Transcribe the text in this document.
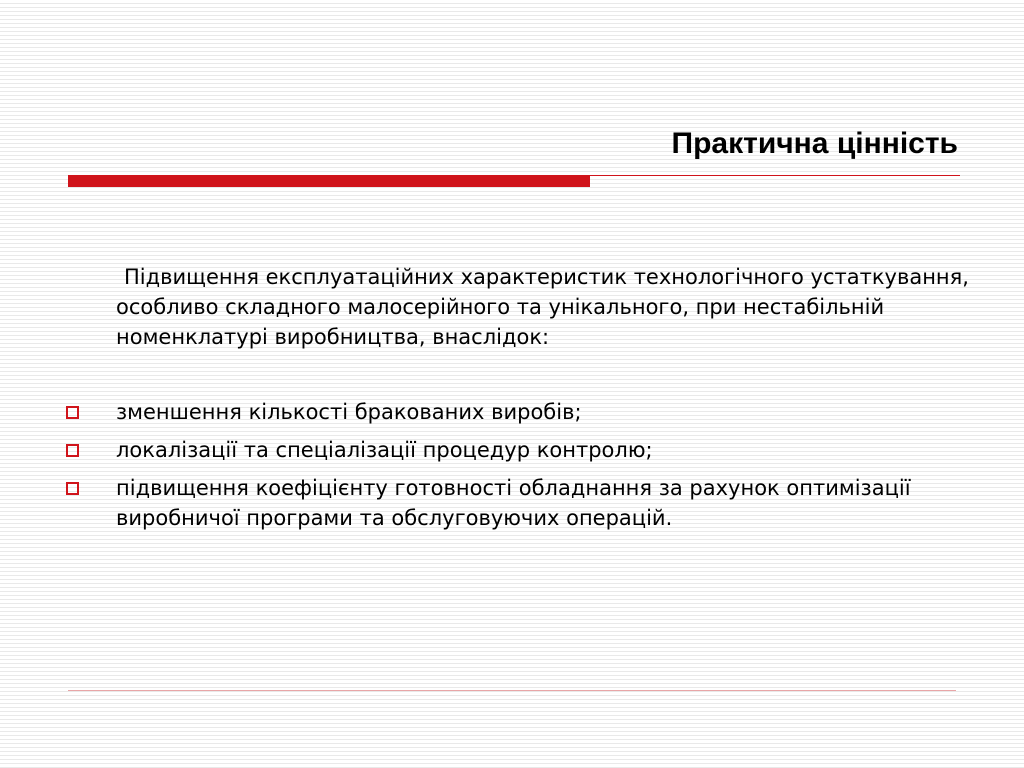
Практична цінність

Підвищення експлуатаційних характеристик технологічного устаткування, особливо складного малосерійного та унікального, при нестабільній номенклатурі виробництва, внаслідок:

зменшення кількості бракованих виробів;
локалізації та спеціалізації процедур контролю;
підвищення коефіцієнту готовності обладнання за рахунок оптимізації виробничої програми та обслуговуючих операцій.
